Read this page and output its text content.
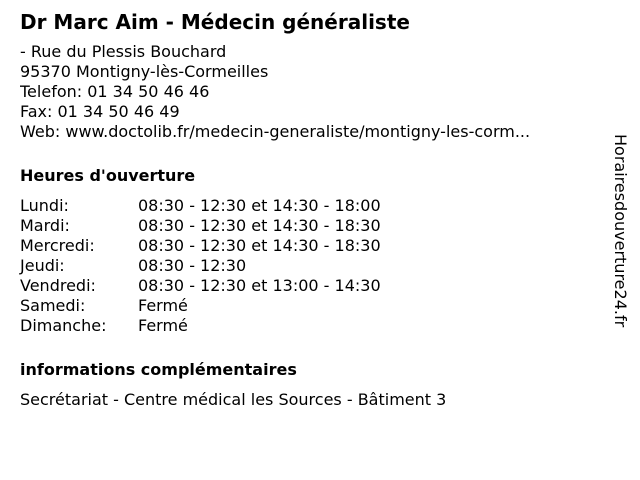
Dr Marc Aim - Médecin généraliste
- Rue du Plessis Bouchard
95370 Montigny-lès-Cormeilles
Telefon: 01 34 50 46 46
Fax: 01 34 50 46 49
Web: www.doctolib.fr/medecin-generaliste/montigny-les-corm...
Heures d'ouverture
Lundi:	08:30 - 12:30 et 14:30 - 18:00
Mardi:	08:30 - 12:30 et 14:30 - 18:30
Mercredi:	08:30 - 12:30 et 14:30 - 18:30
Jeudi:	08:30 - 12:30
Vendredi:	08:30 - 12:30 et 13:00 - 14:30
Samedi:	Fermé
Dimanche:	Fermé
informations complémentaires
Secrétariat - Centre médical les Sources - Bâtiment 3
Horairesdouverture24.fr
